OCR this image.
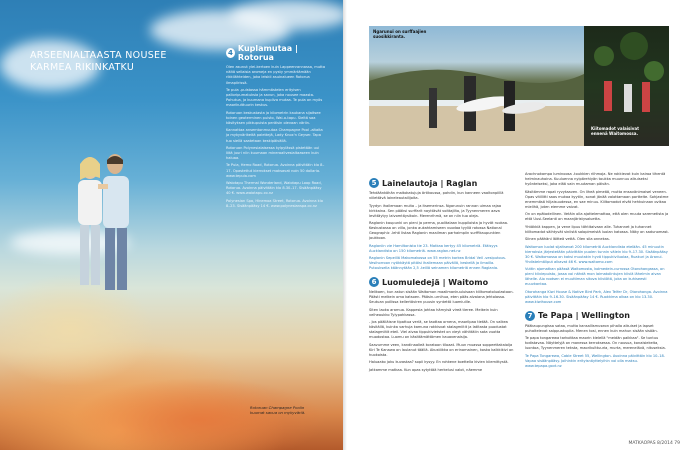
ARSEENIALTAASTA NOUSEE KARMEA RIKINKATKU
4 Kuplamutaa | Rotorua

Olen asunut ylei-kertoen kuin Lappeenrannassa, mutta näitä sellaisia aromeja en pysty ymmärtämään rikkilähteiden, joka leiskii asuinalueen Rotorua ilmapiirissä.

Te puia -puistossa hämmästelen erityisen palloripumatuksia ja savun, joka nousee maasta. Pohutua, ja kuumana kupliva mutaa. Te puia on myös maorikulttuurin keskus.

Rotoruan keskustasta ja kilometrin kaukana sijaitsee toinen geoterminen puisto, Wai-o-tapu. Sieltä saa käsityksen pikkupuista peräisin olevaan väriin.

Kannattaa ansemtonmuutaa Champagne Pool -altaita ja mykyvärikeitä palettejä, Lady Knox'n Geyser. Tapa tuo siellä saatetaan keskipäivällä.

Rotoruan Polynesiaiaisessa kylpylässä pistetään uui liitä juuri niin kuumaan mineraalivesialtaaseen kuin haluaa.

Te Puia, Hemo Road, Rotorua. Avoinna päivittäin klo 8–17. Opastettut kierrokset maksavat noin 50 dollaria. www.tepuia.com

Waiotapu Thermal Wonderland, Waiotapu Loop Road, Rotorua. Avoinna päivittäin klo 8.30–17. Sisäänpääsy 40 €. www.waiotapu.co.nz

Polynesian Spa, Hinemoa Street, Rotorua. Avoinna klo 8–23. Sisäänpääsy 14 €. www.polynesianspa.co.nz

Rotoruan Champagne Poolin kuumat savua on mykyväriä.
Ngarunui on surffaajien suosikkiranta.
Kiitomadot valaisivat ennenä Waitomossa.
5 Lainelautoja | Raglan

Tehdäänköhän maitokatujuja ärtikoussa, pohdin, kun kanneen vaaltonpiillä viilettävä laineleautailijoita.

Tyydyn ihailemaan muita – ja itsemerinsa. Ngarunuin rannan uimaa rajaa kirkkaina. Sen pääksi surffarit nayttävät voittajilta, ja Tyynenmeren aava levittäytyy laivomtäysikoin. Merenrihmä, se on niin tuo oleja.

Raglanin kaupunki on pieni ja perma, puolitalaan kuppiloista ja hyvät ruokaa. Keskustassa on villa, jonka aukahtamiseen vuodaa tyyliä rotossa National Geographic -lehti listaa Raglanin maailman parhaimpiin surffikaupunkien joukkoon.

Raglaniin vie Hamiltonista tie 23. Matkaa kertyy 45 kilometriä. Etäisyys Aucklandista on 150 kilometriä. www.raglan.net.nz

Raglanin Sepeillä Makomakossa on 55 metrin korkea Bridal Veil -vesiputous. Vesihorroon nyökkäytä pitäisi ihailemaan päivällä, keskellä ja ilmailla. Putouksella käännytään 2,5 -teillä seinamen kilometriä ennen Raglania.

6 Luomuledejä | Waitomo

Nelikoen, kun astun sisään Waitomon maailmankuuluisaan kiiltomatoluolastoon. Päästi melkein oma katsoen. Pääsin-urnihua, eten pääs alvaiana jehtolassa. Seutuan pollissa kellertäviren puusin syntettö luomiuille.

Siten laoka aramua. Kappesia johtaa hämyisä vireä tieree. Meikein kuin velheoukko Tylypahkassa.

- Jos pääliäisne tipattua veriä, se taottaa ornena, maorilpaa tietää. On valkea käsitällä, kuinka varhuja kamuna rokkisvat stalagmiitit ja latitasta puodustat stalagmiitit eteil. Viel aivaa tippukivietstet on vieyt vähittäiin sata vuotta muodostaa. Luomu on käsittämättömen kauavenaisija.

Saavumme veen, kandinaalieä koratoon tiloaat. Muun muassa soppeettakaiolja Kiri Te Kanawa on laulanut täällä. Akustiikka on erinomainen, koska kalkkikivi on huokoista.

Haluaako joku kuvastaa? sopii kysyy. En rohkene koettella kivien kiiemittystä.

Jatkamme matkaa. Kun opas sytyttää herkelusi valot, näemme

Arachnokampa luminoosa -toukkien riihmoja. Ne rokkievat kuin kairoa tihentä helminauhoina. Kuuluenna nyipärehiyän toukka muunnuu aikuiseksi hyönteiseksi, joka elää vain muutaman päivän.

Käsitämme rapat ryvytaaven. On liheä pimeää, mutta ensavänimaisel veneen. Opas vitillitti saas mukaa kyytiin, sonat jänää valottamaan portteite. Sohjastme enemmäsä hiljaisuudessa, en sae minuu. Kiiltomadot elvät hehkuinaan ovikaa mielihä, joten eiemme vaivat.

On on epätodellinen. Vetäin olla ajattelemattaa, että olen muuta saremetista ja että Uusi-Seelanti on maanjäristysaluetta.

Yhtäkkiä kappen, ja vene lipuu tähtitaivaan alle. Tuhannet ja tuhannet kiiltomadot säihtyvät siniistä salopimeistä luolan katossa. Näky on sadunomast.

Siinen päähäni läitteä vettä. Olen sila onnekas.

Waitomon luolat sijaitsevat 200 kilometriä Aucklandista etelään. 45 minuutin kierroksia järjestetään päivittäin puolen tunnin välein klo 9–17.30. Sisäänpääsy 30 €. Waitomossa on kaksi muutakin hyvä tippukiviluolaa, Ruakuri ja Aranui. Yhdistelmäliput alkavat 46 €. www.waitomo.com

Vuttin ajomatkan päässä Waitomosta, kolmedein-currossa Otorohangassa, on pieni kiiviepuisto, jossa voi nähdä mon laimatolintujen kiiviä lähelmin aivan lähelle. Aio rootsen ei muuttiman sitova kiiviöitä, joka on kuhiseesti euuvkantaa.

Otorohanga Kiwi House & Native Bird Park, Alex Telfer Dr, Otorohanga. Avoinna päivittäin klo 9–16.30. Sisäänpääsy 14 €. Ruokkima alkaa on klo 13.30. www.kiwihouse.com

7 Te Papa | Wellington

Pääkaupungissa sataa, mutta kansallismuseon pihalla aikuiset ja lapset puhaltelevat saippuakuplia. Menen tosi, ennen kuin mahun sisään sisään.

Te papa tongarewa tarkoittaa maorin kielellä "meidän paikkaa". Se tuntuu todistavaa. Näyttelyjä on monessa kerroksessa. On nousua, konaisiekeita, luontoa, Tyynenmeren teksta, maorikulttuuria, murta, merenelävä, nituseksia.

Te Papa Tongarewa, Cable Street 55, Wellington. Avoinna päivittäin klo 10–18. Vapaa sisäänpääsy. Joihinkin erityisnäyttelyihin voi olla maksu. www.tepapa.govt.nz

MATKAOPAS 8/2014 79
